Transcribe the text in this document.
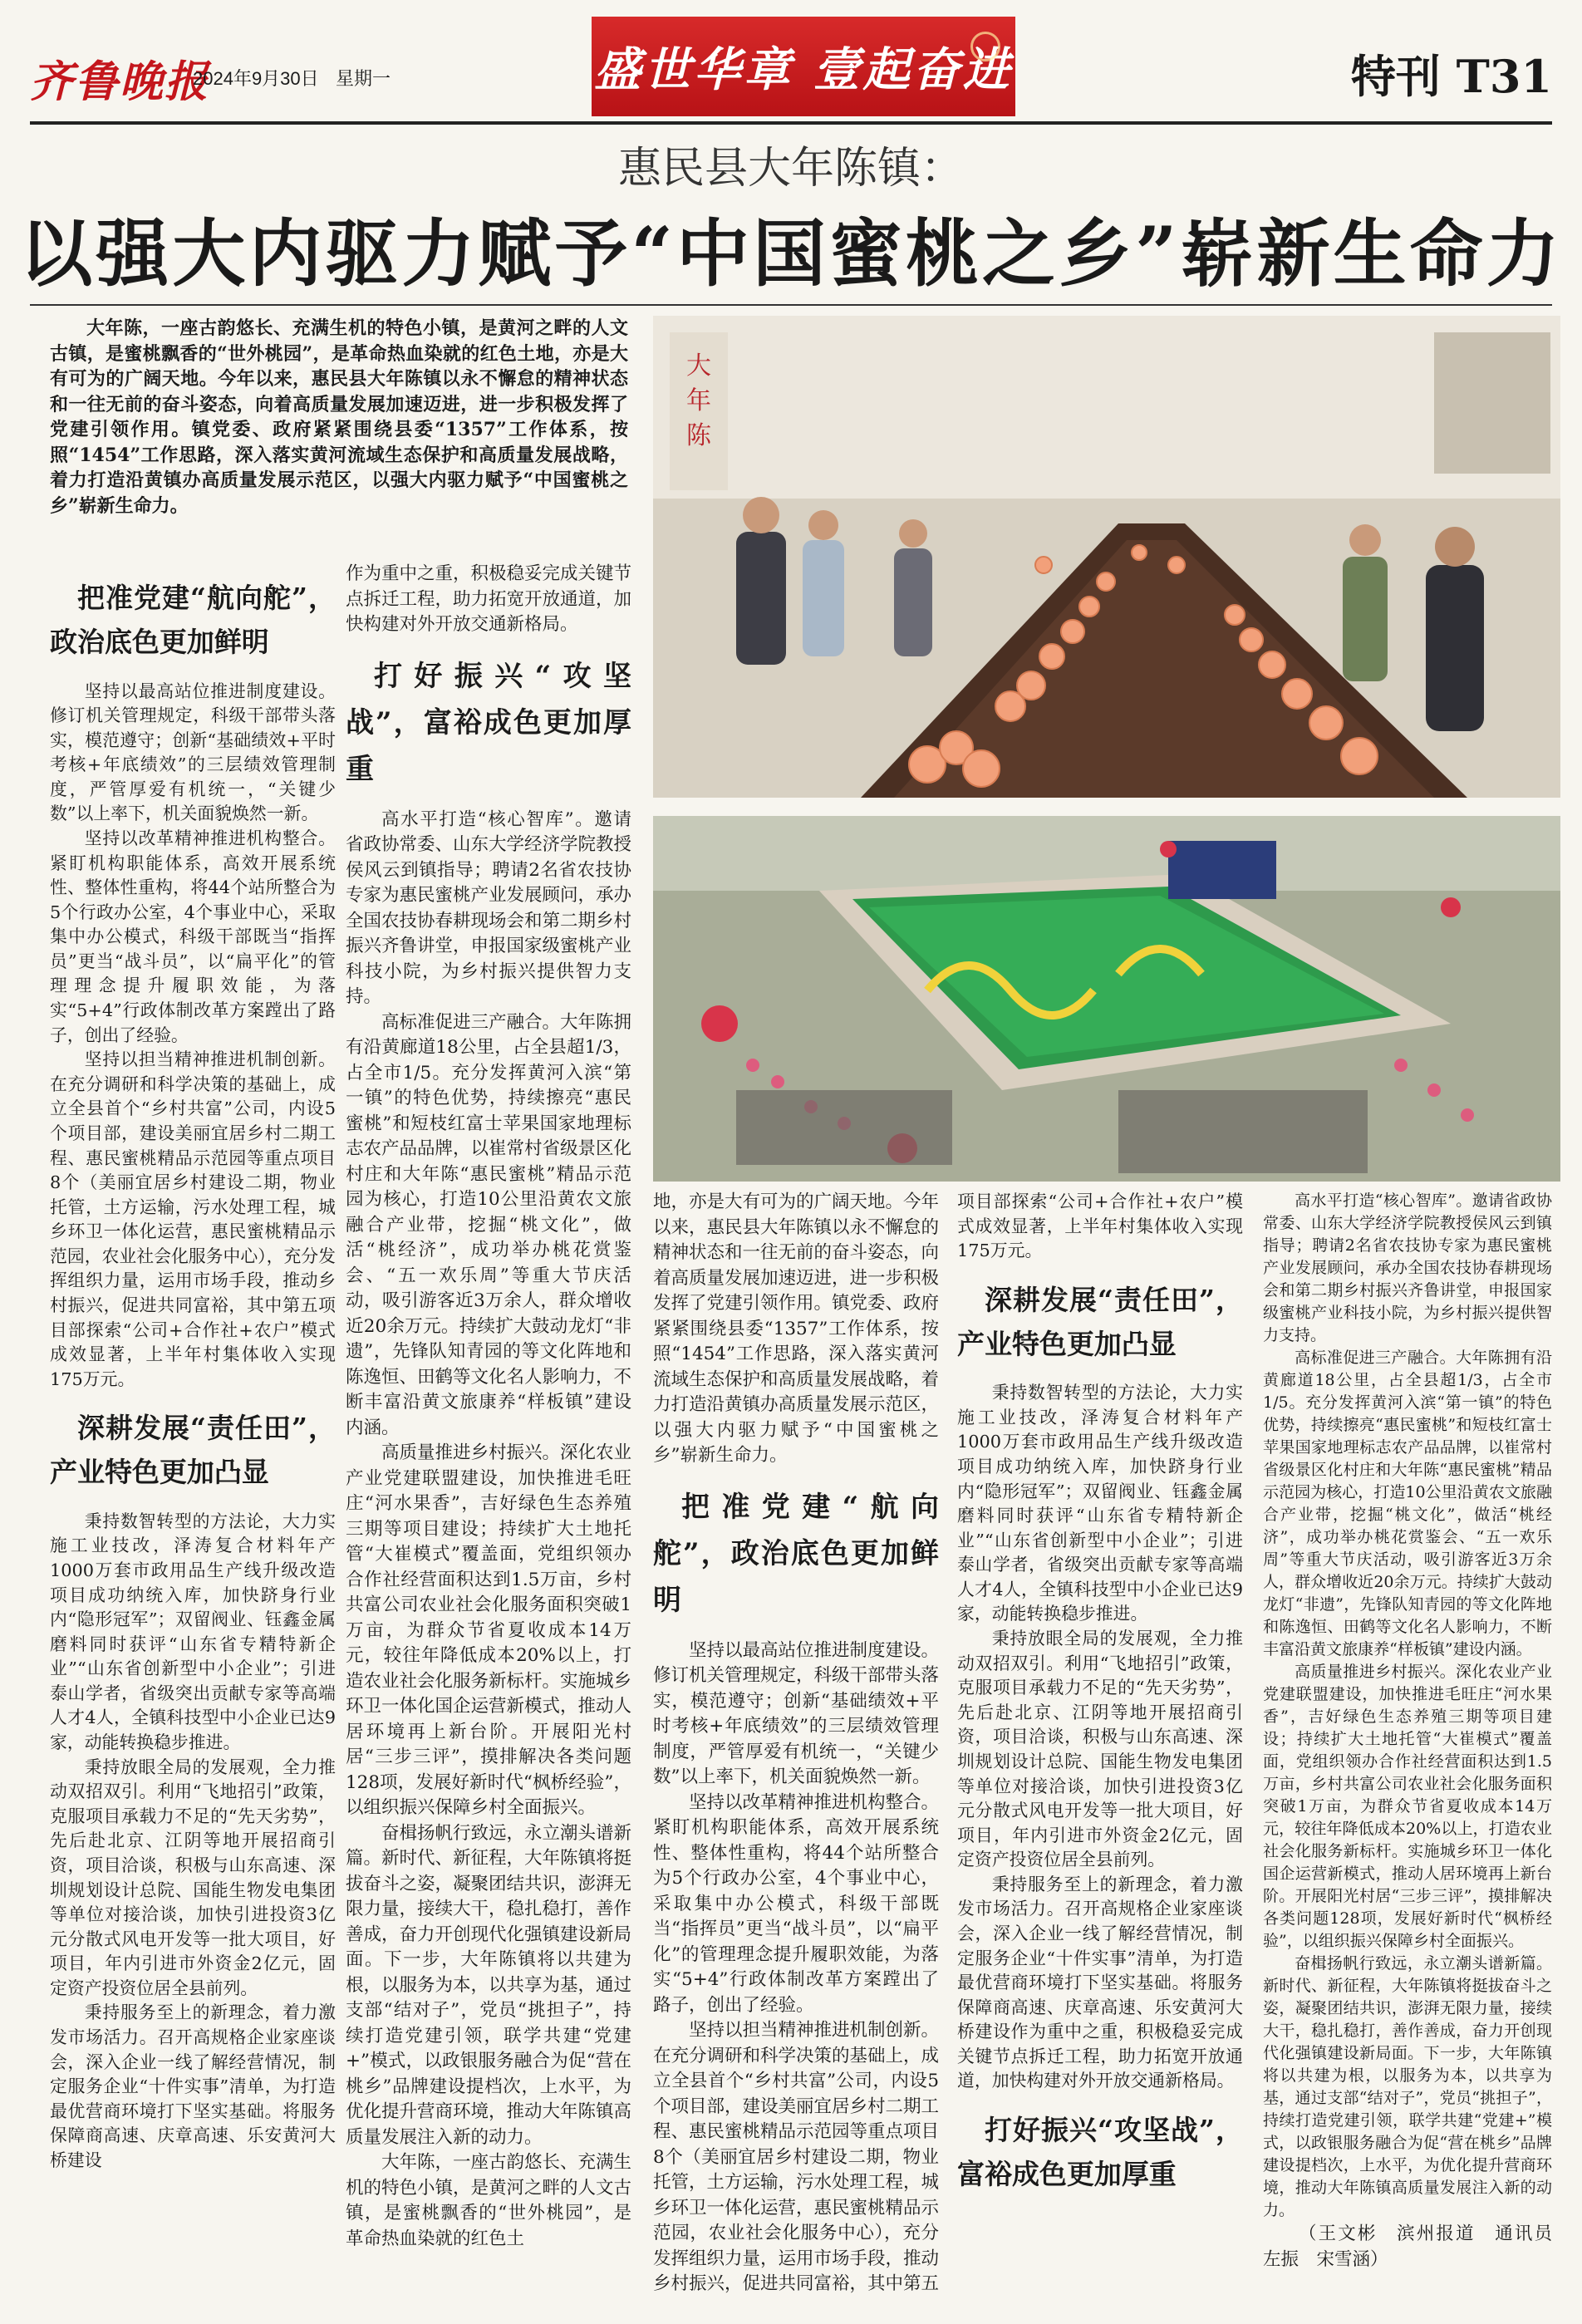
齐鲁晚报
2024年9月30日 星期一	盛世华章 壹起奋进	特刊 T31
惠民县大年陈镇：
以强大内驱力赋予“中国蜜桃之乡”崭新生命力

大年陈，一座古韵悠长、充满生机的特色小镇，是黄河之畔的人文古镇，是蜜桃飘香的“世外桃园”，是革命热血染就的红色土地，亦是大有可为的广阔天地。今年以来，惠民县大年陈镇以永不懈怠的精神状态和一往无前的奋斗姿态，向着高质量发展加速迈进，进一步积极发挥了党建引领作用。镇党委、政府紧紧围绕县委“1357”工作体系，按照“1454”工作思路，深入落实黄河流域生态保护和高质量发展战略，着力打造沿黄镇办高质量发展示范区，以强大内驱力赋予“中国蜜桃之乡”崭新生命力。

把准党建“航向舵”，政治底色更加鲜明

坚持以最高站位推进制度建设。修订机关管理规定，科级干部带头落实，模范遵守；创新“基础绩效+平时考核+年底绩效”的三层绩效管理制度，严管厚爱有机统一，“关键少数”以上率下，机关面貌焕然一新。

坚持以改革精神推进机构整合。紧盯机构职能体系，高效开展系统性、整体性重构，将44个站所整合为5个行政办公室，4个事业中心，采取集中办公模式，科级干部既当“指挥员”更当“战斗员”，以“扁平化”的管理理念提升履职效能，为落实“5+4”行政体制改革方案蹚出了路子，创出了经验。

坚持以担当精神推进机制创新。在充分调研和科学决策的基础上，成立全县首个“乡村共富”公司，内设5个项目部，建设美丽宜居乡村二期工程、惠民蜜桃精品示范园等重点项目8个（美丽宜居乡村建设二期，物业托管，土方运输，污水处理工程，城乡环卫一体化运营，惠民蜜桃精品示范园，农业社会化服务中心），充分发挥组织力量，运用市场手段，推动乡村振兴，促进共同富裕，其中第五项目部探索“公司+合作社+农户”模式成效显著，上半年村集体收入实现175万元。

深耕发展“责任田”，产业特色更加凸显

秉持数智转型的方法论，大力实施工业技改，泽涛复合材料年产1000万套市政用品生产线升级改造项目成功纳统入库，加快跻身行业内“隐形冠军”；双留阀业、钰鑫金属磨料同时获评“山东省专精特新企业”“山东省创新型中小企业”；引进泰山学者，省级突出贡献专家等高端人才4人，全镇科技型中小企业已达9家，动能转换稳步推进。

秉持放眼全局的发展观，全力推动双招双引。利用“飞地招引”政策，克服项目承载力不足的“先天劣势”，先后赴北京、江阴等地开展招商引资，项目洽谈，积极与山东高速、深圳规划设计总院、国能生物发电集团等单位对接洽谈，加快引进投资3亿元分散式风电开发等一批大项目，好项目，年内引进市外资金2亿元，固定资产投资位居全县前列。

秉持服务至上的新理念，着力激发市场活力。召开高规格企业家座谈会，深入企业一线了解经营情况，制定服务企业“十件实事”清单，为打造最优营商环境打下坚实基础。将服务保障商高速、庆章高速、乐安黄河大桥建设

作为重中之重，积极稳妥完成关键节点拆迁工程，助力拓宽开放通道，加快构建对外开放交通新格局。

打好振兴“攻坚战”，富裕成色更加厚重

高水平打造“核心智库”。邀请省政协常委、山东大学经济学院教授侯风云到镇指导；聘请2名省农技协专家为惠民蜜桃产业发展顾问，承办全国农技协春耕现场会和第二期乡村振兴齐鲁讲堂，申报国家级蜜桃产业科技小院，为乡村振兴提供智力支持。

高标准促进三产融合。大年陈拥有沿黄廊道18公里，占全县超1/3，占全市1/5。充分发挥黄河入滨“第一镇”的特色优势，持续擦亮“惠民蜜桃”和短枝红富士苹果国家地理标志农产品品牌，以崔常村省级景区化村庄和大年陈“惠民蜜桃”精品示范园为核心，打造10公里沿黄农文旅融合产业带，挖掘“桃文化”，做活“桃经济”，成功举办桃花赏鉴会、“五一欢乐周”等重大节庆活动，吸引游客近3万余人，群众增收近20余万元。持续扩大鼓动龙灯“非遗”，先锋队知青园的等文化阵地和陈逸恒、田鹤等文化名人影响力，不断丰富沿黄文旅康养“样板镇”建设内涵。

高质量推进乡村振兴。深化农业产业党建联盟建设，加快推进毛旺庄“河水果香”，吉好绿色生态养殖三期等项目建设；持续扩大土地托管“大崔模式”覆盖面，党组织领办合作社经营面积达到1.5万亩，乡村共富公司农业社会化服务面积突破1万亩，为群众节省夏收成本14万元，较往年降低成本20%以上，打造农业社会化服务新标杆。实施城乡环卫一体化国企运营新模式，推动人居环境再上新台阶。开展阳光村居“三步三评”，摸排解决各类问题128项，发展好新时代“枫桥经验”，以组织振兴保障乡村全面振兴。

奋楫扬帆行致远，永立潮头谱新篇。新时代、新征程，大年陈镇将挺拔奋斗之姿，凝聚团结共识，澎湃无限力量，接续大干，稳扎稳打，善作善成，奋力开创现代化强镇建设新局面。下一步，大年陈镇将以共建为根，以服务为本，以共享为基，通过支部“结对子”，党员“挑担子”，持续打造党建引领，联学共建“党建+”模式，以政银服务融合为促“营在桃乡”品牌建设提档次，上水平，为优化提升营商环境，推动大年陈镇高质量发展注入新的动力。

大年陈，一座古韵悠长、充满生机的特色小镇，是黄河之畔的人文古镇，是蜜桃飘香的“世外桃园”，是革命热血染就的红色土

大
年
陈

地，亦是大有可为的广阔天地。今年以来，惠民县大年陈镇以永不懈怠的精神状态和一往无前的奋斗姿态，向着高质量发展加速迈进，进一步积极发挥了党建引领作用。镇党委、政府紧紧围绕县委“1357”工作体系，按照“1454”工作思路，深入落实黄河流域生态保护和高质量发展战略，着力打造沿黄镇办高质量发展示范区，以强大内驱力赋予“中国蜜桃之乡”崭新生命力。

把准党建“航向舵”，政治底色更加鲜明

坚持以最高站位推进制度建设。修订机关管理规定，科级干部带头落实，模范遵守；创新“基础绩效+平时考核+年底绩效”的三层绩效管理制度，严管厚爱有机统一，“关键少数”以上率下，机关面貌焕然一新。

坚持以改革精神推进机构整合。紧盯机构职能体系，高效开展系统性、整体性重构，将44个站所整合为5个行政办公室，4个事业中心，采取集中办公模式，科级干部既当“指挥员”更当“战斗员”，以“扁平化”的管理理念提升履职效能，为落实“5+4”行政体制改革方案蹚出了路子，创出了经验。

坚持以担当精神推进机制创新。在充分调研和科学决策的基础上，成立全县首个“乡村共富”公司，内设5个项目部，建设美丽宜居乡村二期工程、惠民蜜桃精品示范园等重点项目8个（美丽宜居乡村建设二期，物业托管，土方运输，污水处理工程，城乡环卫一体化运营，惠民蜜桃精品示范园，农业社会化服务中心），充分发挥组织力量，运用市场手段，推动乡村振兴，促进共同富裕，其中第五

项目部探索“公司+合作社+农户”模式成效显著，上半年村集体收入实现175万元。

深耕发展“责任田”，产业特色更加凸显

秉持数智转型的方法论，大力实施工业技改，泽涛复合材料年产1000万套市政用品生产线升级改造项目成功纳统入库，加快跻身行业内“隐形冠军”；双留阀业、钰鑫金属磨料同时获评“山东省专精特新企业”“山东省创新型中小企业”；引进泰山学者，省级突出贡献专家等高端人才4人，全镇科技型中小企业已达9家，动能转换稳步推进。

秉持放眼全局的发展观，全力推动双招双引。利用“飞地招引”政策，克服项目承载力不足的“先天劣势”，先后赴北京、江阴等地开展招商引资，项目洽谈，积极与山东高速、深圳规划设计总院、国能生物发电集团等单位对接洽谈，加快引进投资3亿元分散式风电开发等一批大项目，好项目，年内引进市外资金2亿元，固定资产投资位居全县前列。

秉持服务至上的新理念，着力激发市场活力。召开高规格企业家座谈会，深入企业一线了解经营情况，制定服务企业“十件实事”清单，为打造最优营商环境打下坚实基础。将服务保障商高速、庆章高速、乐安黄河大桥建设作为重中之重，积极稳妥完成关键节点拆迁工程，助力拓宽开放通道，加快构建对外开放交通新格局。

打好振兴“攻坚战”，富裕成色更加厚重

高水平打造“核心智库”。邀请省政协常委、山东大学经济学院教授侯风云到镇指导；聘请2名省农技协专家为惠民蜜桃产业发展顾问，承办全国农技协春耕现场会和第二期乡村振兴齐鲁讲堂，申报国家级蜜桃产业科技小院，为乡村振兴提供智力支持。

高标准促进三产融合。大年陈拥有沿黄廊道18公里，占全县超1/3，占全市1/5。充分发挥黄河入滨“第一镇”的特色优势，持续擦亮“惠民蜜桃”和短枝红富士苹果国家地理标志农产品品牌，以崔常村省级景区化村庄和大年陈“惠民蜜桃”精品示范园为核心，打造10公里沿黄农文旅融合产业带，挖掘“桃文化”，做活“桃经济”，成功举办桃花赏鉴会、“五一欢乐周”等重大节庆活动，吸引游客近3万余人，群众增收近20余万元。持续扩大鼓动龙灯“非遗”，先锋队知青园的等文化阵地和陈逸恒、田鹤等文化名人影响力，不断丰富沿黄文旅康养“样板镇”建设内涵。

高质量推进乡村振兴。深化农业产业党建联盟建设，加快推进毛旺庄“河水果香”，吉好绿色生态养殖三期等项目建设；持续扩大土地托管“大崔模式”覆盖面，党组织领办合作社经营面积达到1.5万亩，乡村共富公司农业社会化服务面积突破1万亩，为群众节省夏收成本14万元，较往年降低成本20%以上，打造农业社会化服务新标杆。实施城乡环卫一体化国企运营新模式，推动人居环境再上新台阶。开展阳光村居“三步三评”，摸排解决各类问题128项，发展好新时代“枫桥经验”，以组织振兴保障乡村全面振兴。

奋楫扬帆行致远，永立潮头谱新篇。新时代、新征程，大年陈镇将挺拔奋斗之姿，凝聚团结共识，澎湃无限力量，接续大干，稳扎稳打，善作善成，奋力开创现代化强镇建设新局面。下一步，大年陈镇将以共建为根，以服务为本，以共享为基，通过支部“结对子”，党员“挑担子”，持续打造党建引领，联学共建“党建+”模式，以政银服务融合为促“营在桃乡”品牌建设提档次，上水平，为优化提升营商环境，推动大年陈镇高质量发展注入新的动力。

（王文彬　滨州报道　通讯员　左振　宋雪涵）
